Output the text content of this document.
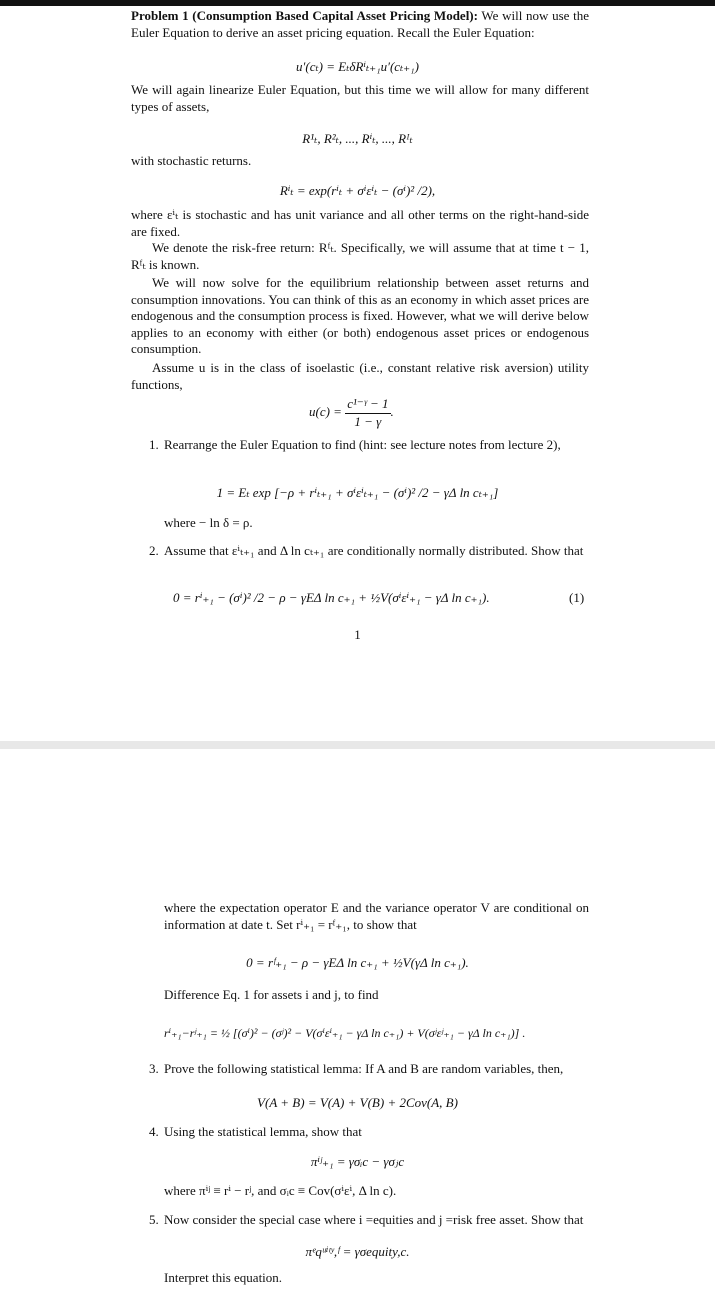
Problem 1 (Consumption Based Capital Asset Pricing Model): We will now use the Euler Equation to derive an asset pricing equation. Recall the Euler Equation:
u′(cₜ) = EₜδRⁱₜ₊₁u′(cₜ₊₁)
We will again linearize Euler Equation, but this time we will allow for many different types of assets,
R¹ₜ, R²ₜ, ..., Rⁱₜ, ..., Rᴵₜ
with stochastic returns.
Rⁱₜ = exp(rⁱₜ + σⁱεⁱₜ − (σⁱ)² /2),
where εⁱₜ is stochastic and has unit variance and all other terms on the right-hand-side are fixed.
We denote the risk-free return: Rᶠₜ. Specifically, we will assume that at time t − 1, Rᶠₜ is known.
We will now solve for the equilibrium relationship between asset returns and consumption innovations. You can think of this as an economy in which asset prices are endogenous and the consumption process is fixed. However, what we will derive below applies to an economy with either (or both) endogenous asset prices or endogenous consumption.
Assume u is in the class of isoelastic (i.e., constant relative risk aversion) utility functions,
$u(c) = \frac{\text{c¹⁻ᵞ − 1}}{1 - \gamma}$ .
1. Rearrange the Euler Equation to find (hint: see lecture notes from lecture 2),
1 = Eₜ exp [−ρ + rⁱₜ₊₁ + σⁱεⁱₜ₊₁ − (σⁱ)² /2 − γΔ ln cₜ₊₁]
where − ln δ = ρ.
2. Assume that εⁱₜ₊₁ and Δ ln cₜ₊₁ are conditionally normally distributed. Show that
0 = rⁱ₊₁ − (σⁱ)² /2 − ρ − γEΔ ln c₊₁ + ½V(σⁱεⁱ₊₁ − γΔ ln c₊₁).	(1)
1
where the expectation operator E and the variance operator V are conditional on information at date t. Set rⁱ₊₁ = rᶠ₊₁, to show that
0 = rᶠ₊₁ − ρ − γEΔ ln c₊₁ + ½V(γΔ ln c₊₁).
Difference Eq. 1 for assets i and j, to find
rⁱ₊₁−rʲ₊₁ = ½ [(σⁱ)² − (σʲ)² − V(σⁱεⁱ₊₁ − γΔ ln c₊₁) + V(σʲεʲ₊₁ − γΔ ln c₊₁)] .
3. Prove the following statistical lemma: If A and B are random variables, then,
V(A + B) = V(A) + V(B) + 2Cov(A, B)
4. Using the statistical lemma, show that
πⁱʲ₊₁ = γσᵢc − γσⱼc
where πⁱʲ ≡ rⁱ − rʲ, and σᵢc ≡ Cov(σⁱεⁱ, Δ ln c).
5. Now consider the special case where i =equities and j =risk free asset. Show that
πᵉqᵘⁱᵗʸ,ᶠ = γσequity,c.
Interpret this equation.
